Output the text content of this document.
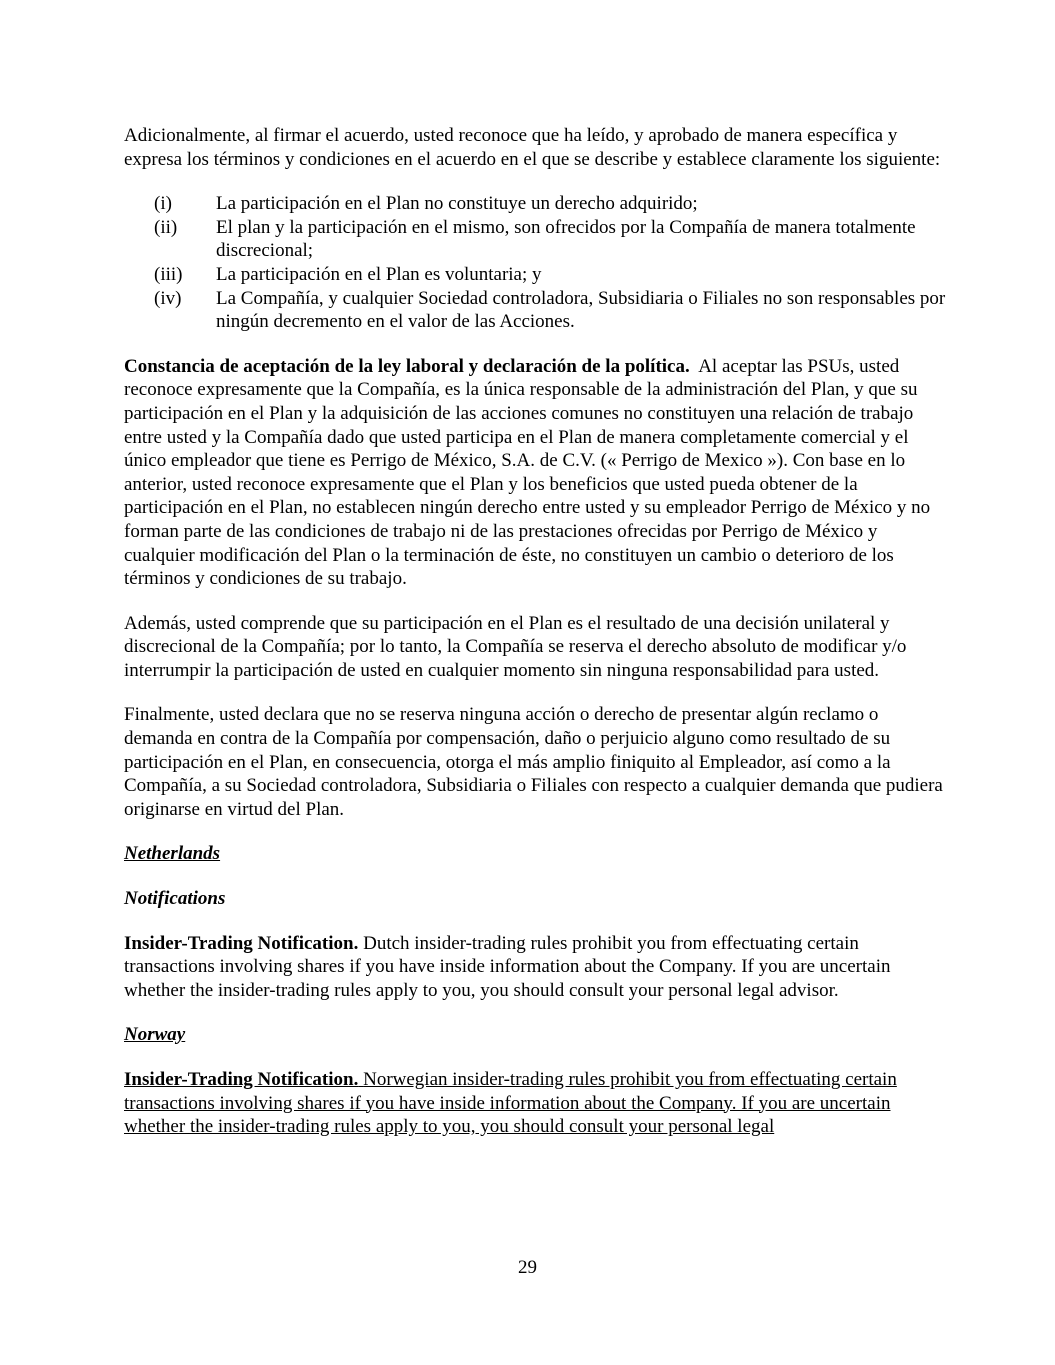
Adicionalmente, al firmar el acuerdo, usted reconoce que ha leído, y aprobado de manera específica y expresa los términos y condiciones en el acuerdo en el que se describe y establece claramente los siguiente:

(i)	La participación en el Plan no constituye un derecho adquirido;
(ii)	El plan y la participación en el mismo, son ofrecidos por la Compañía de manera totalmente discrecional;
(iii)	La participación en el Plan es voluntaria; y
(iv)	La Compañía, y cualquier Sociedad controladora, Subsidiaria o Filiales no son responsables por ningún decremento en el valor de las Acciones.

Constancia de aceptación de la ley laboral y declaración de la política. Al aceptar las PSUs, usted reconoce expresamente que la Compañía, es la única responsable de la administración del Plan, y que su participación en el Plan y la adquisición de las acciones comunes no constituyen una relación de trabajo entre usted y la Compañía dado que usted participa en el Plan de manera completamente comercial y el único empleador que tiene es Perrigo de México, S.A. de C.V. (« Perrigo de Mexico »). Con base en lo anterior, usted reconoce expresamente que el Plan y los beneficios que usted pueda obtener de la participación en el Plan, no establecen ningún derecho entre usted y su empleador Perrigo de México y no forman parte de las condiciones de trabajo ni de las prestaciones ofrecidas por Perrigo de México y cualquier modificación del Plan o la terminación de éste, no constituyen un cambio o deterioro de los términos y condiciones de su trabajo.

Además, usted comprende que su participación en el Plan es el resultado de una decisión unilateral y discrecional de la Compañía; por lo tanto, la Compañía se reserva el derecho absoluto de modificar y/o interrumpir la participación de usted en cualquier momento sin ninguna responsabilidad para usted.

Finalmente, usted declara que no se reserva ninguna acción o derecho de presentar algún reclamo o demanda en contra de la Compañía por compensación, daño o perjuicio alguno como resultado de su participación en el Plan, en consecuencia, otorga el más amplio finiquito al Empleador, así como a la Compañía, a su Sociedad controladora, Subsidiaria o Filiales con respecto a cualquier demanda que pudiera originarse en virtud del Plan.

Netherlands

Notifications

Insider-Trading Notification. Dutch insider-trading rules prohibit you from effectuating certain transactions involving shares if you have inside information about the Company. If you are uncertain whether the insider-trading rules apply to you, you should consult your personal legal advisor.

Norway

Insider-Trading Notification. Norwegian insider-trading rules prohibit you from effectuating certain transactions involving shares if you have inside information about the Company. If you are uncertain whether the insider-trading rules apply to you, you should consult your personal legal

29
